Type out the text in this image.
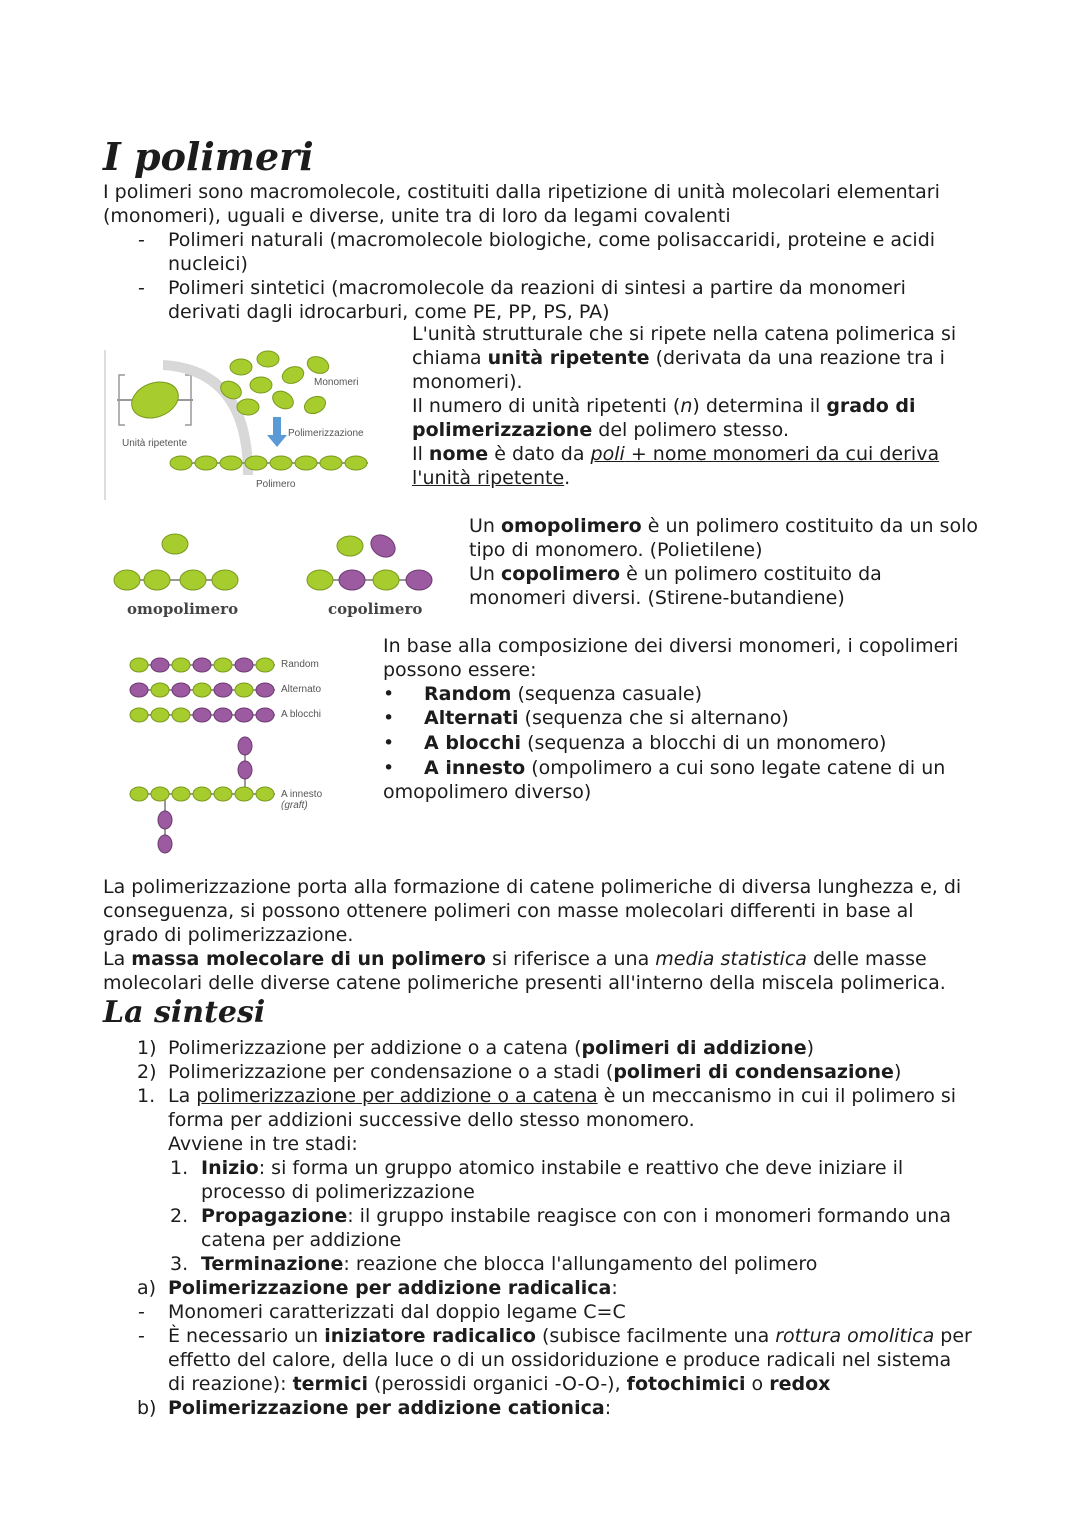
I polimeri
I polimeri sono macromolecole, costituiti dalla ripetizione di unità molecolari elementari
(monomeri), uguali e diverse, unite tra di loro da legami covalenti
- Polimeri naturali (macromolecole biologiche, come polisaccaridi, proteine e acidi
nucleici)
- Polimeri sintetici (macromolecole da reazioni di sintesi a partire da monomeri
derivati dagli idrocarburi, come PE, PP, PS, PA)
Monomeri
Polimerizzazione
Unità ripetente
Polimero
L'unità strutturale che si ripete nella catena polimerica si
chiama unità ripetente (derivata da una reazione tra i
monomeri).
Il numero di unità ripetenti (n) determina il grado di
polimerizzazione del polimero stesso.
Il nome è dato da poli + nome monomeri da cui deriva
l'unità ripetente.
omopolimero	copolimero
Un omopolimero è un polimero costituito da un solo
tipo di monomero. (Polietilene)
Un copolimero è un polimero costituito da
monomeri diversi. (Stirene-butandiene)
Random
Alternato
A blocchi
A innesto
(graft)
In base alla composizione dei diversi monomeri, i copolimeri
possono essere:
• Random (sequenza casuale)
• Alternati (sequenza che si alternano)
• A blocchi (sequenza a blocchi di un monomero)
• A innesto (ompolimero a cui sono legate catene di un
omopolimero diverso)
La polimerizzazione porta alla formazione di catene polimeriche di diversa lunghezza e, di
conseguenza, si possono ottenere polimeri con masse molecolari differenti in base al
grado di polimerizzazione.
La massa molecolare di un polimero si riferisce a una media statistica delle masse
molecolari delle diverse catene polimeriche presenti all'interno della miscela polimerica.
La sintesi
1) Polimerizzazione per addizione o a catena (polimeri di addizione)
2) Polimerizzazione per condensazione o a stadi (polimeri di condensazione)
1. La polimerizzazione per addizione o a catena è un meccanismo in cui il polimero si
forma per addizioni successive dello stesso monomero.
Avviene in tre stadi:
1. Inizio: si forma un gruppo atomico instabile e reattivo che deve iniziare il
processo di polimerizzazione
2. Propagazione: il gruppo instabile reagisce con con i monomeri formando una
catena per addizione
3. Terminazione: reazione che blocca l'allungamento del polimero
a) Polimerizzazione per addizione radicalica:
- Monomeri caratterizzati dal doppio legame C=C
- È necessario un iniziatore radicalico (subisce facilmente una rottura omolitica per
effetto del calore, della luce o di un ossidoriduzione e produce radicali nel sistema
di reazione): termici (perossidi organici -O-O-), fotochimici o redox
b) Polimerizzazione per addizione cationica:
